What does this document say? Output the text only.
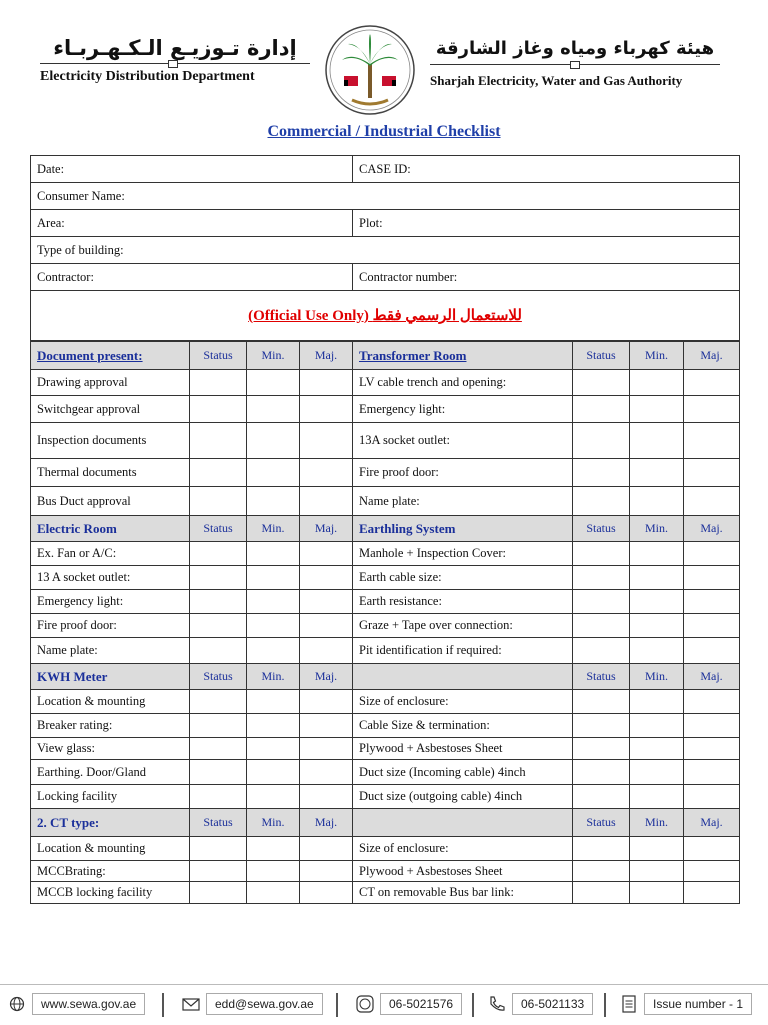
إدارة تـوزيـع الـكـهـربـاء
Electricity Distribution Department
هيئة كهرباء ومياه وغاز الشارقة
Sharjah Electricity, Water and Gas Authority
Commercial / Industrial Checklist
Date:	CASE ID:
Consumer Name:	
Area:	Plot:
Type of building:	
Contractor:	Contractor number:
(Official Use Only) للاستعمال الرسمي فقط	
Document present:	Status	Min.	Maj.	Transformer Room	Status	Min.	Maj.
Drawing approval				LV cable trench and opening:			
Switchgear approval				Emergency light:			
Inspection documents				13A socket outlet:			
Thermal documents				Fire proof door:			
Bus Duct approval				Name plate:			
Electric Room	Status	Min.	Maj.	Earthling System	Status	Min.	Maj.
Ex. Fan or A/C:				Manhole + Inspection Cover:			
13 A socket outlet:				Earth cable size:			
Emergency light:				Earth resistance:			
Fire proof door:				Graze + Tape over connection:			
Name plate:				Pit identification if required:			
KWH Meter	Status	Min.	Maj.		Status	Min.	Maj.
Location & mounting				Size of enclosure:			
Breaker rating:				Cable Size & termination:			
View glass:				Plywood + Asbestoses Sheet			
Earthing. Door/Gland				Duct size (Incoming cable) 4inch			
Locking facility				Duct size (outgoing cable) 4inch			
2. CT type:	Status	Min.	Maj.		Status	Min.	Maj.
Location & mounting				Size of enclosure:			
MCCBrating:				Plywood + Asbestoses Sheet			
MCCB locking facility				CT on removable Bus bar link:			
www.sewa.gov.ae	edd@sewa.gov.ae	06-5021576	06-5021133	Issue number - 1
